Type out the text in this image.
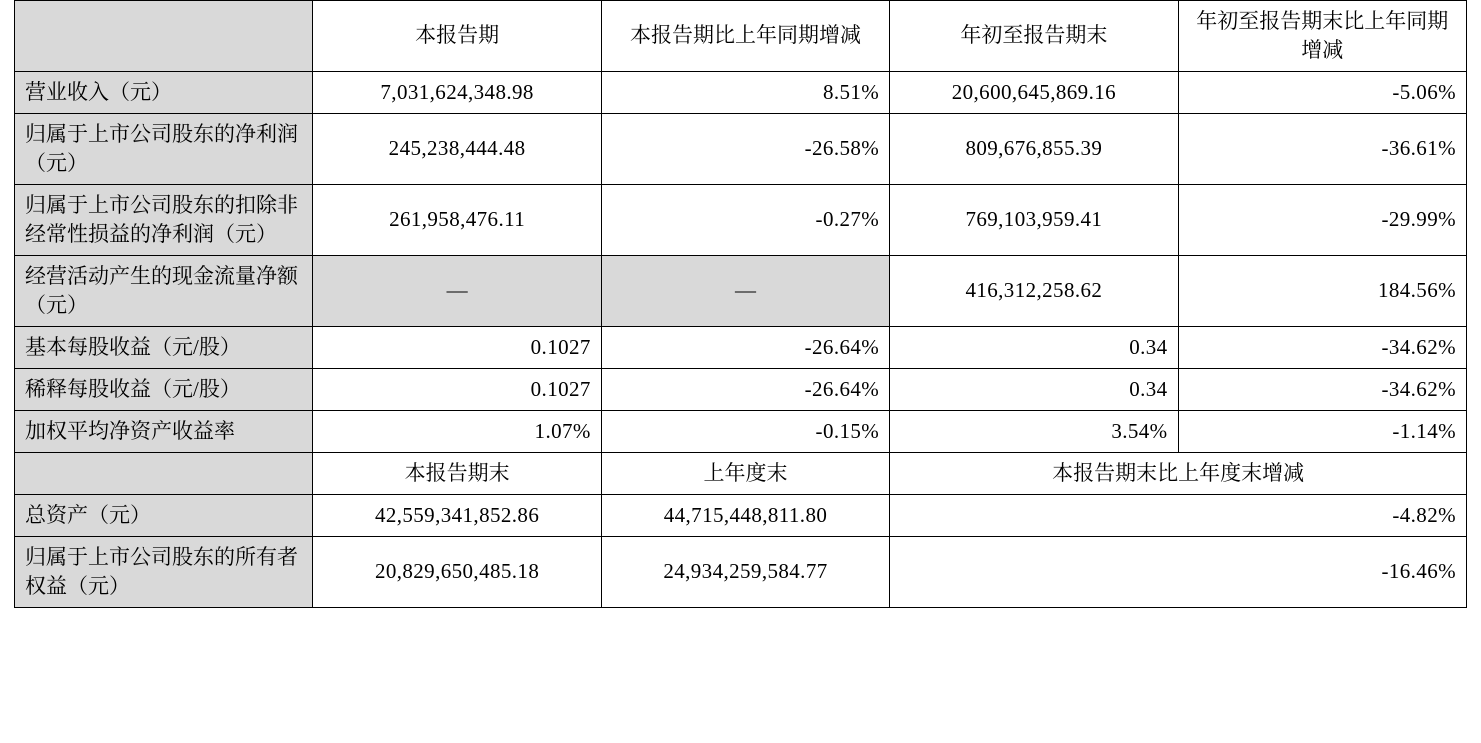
	本报告期	本报告期比上年同期增减	年初至报告期末	年初至报告期末比上年同期增减
营业收入（元）	7,031,624,348.98	8.51%	20,600,645,869.16	-5.06%
归属于上市公司股东的净利润（元）	245,238,444.48	-26.58%	809,676,855.39	-36.61%
归属于上市公司股东的扣除非经常性损益的净利润（元）	261,958,476.11	-0.27%	769,103,959.41	-29.99%
经营活动产生的现金流量净额（元）	—	—	416,312,258.62	184.56%
基本每股收益（元/股）	0.1027	-26.64%	0.34	-34.62%
稀释每股收益（元/股）	0.1027	-26.64%	0.34	-34.62%
加权平均净资产收益率	1.07%	-0.15%	3.54%	-1.14%
	本报告期末	上年度末	本报告期末比上年度末增减	
总资产（元）	42,559,341,852.86	44,715,448,811.80	-4.82%	
归属于上市公司股东的所有者权益（元）	20,829,650,485.18	24,934,259,584.77	-16.46%	
